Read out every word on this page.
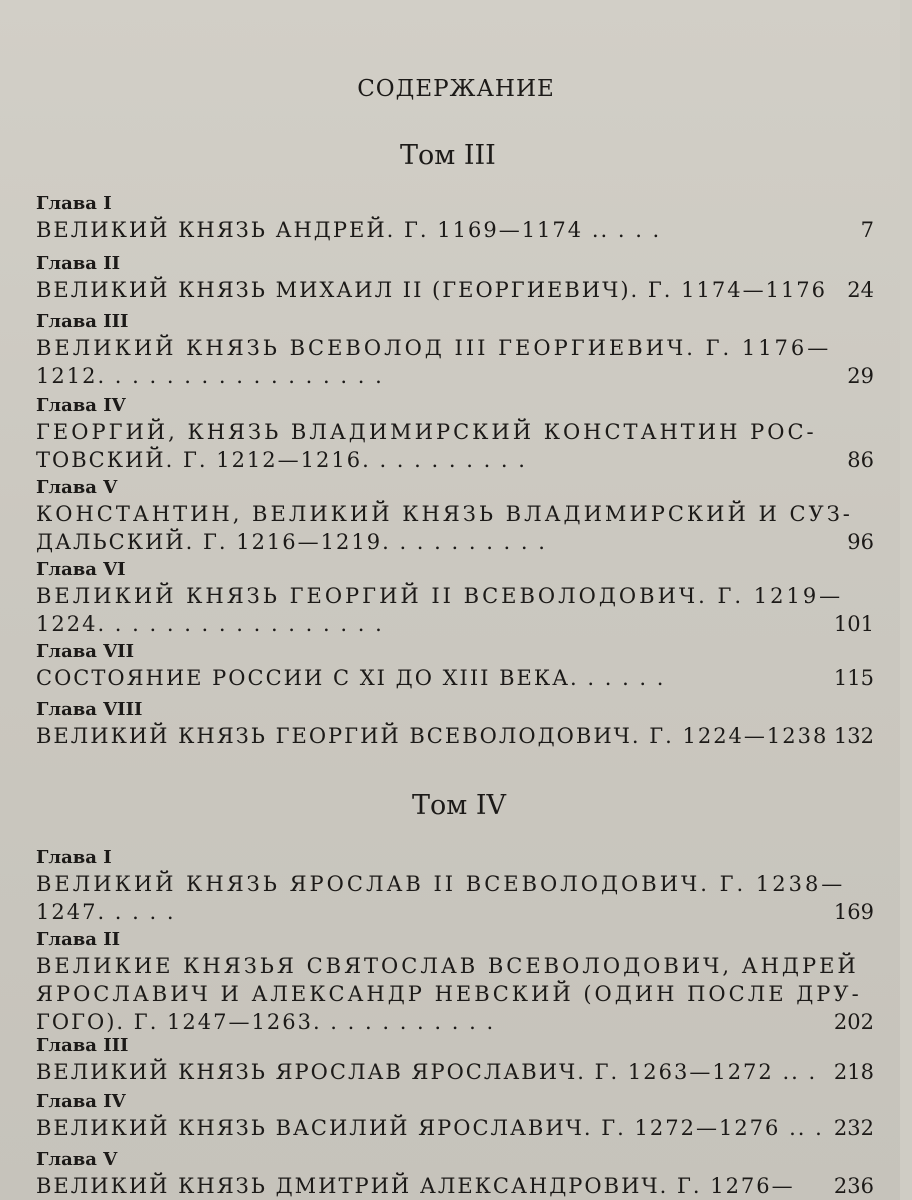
СОДЕРЖАНИЕ
Том III
Глава I
ВЕЛИКИЙ КНЯЗЬ АНДРЕЙ. Г. 1169—1174 .. . . .	7
Глава II
ВЕЛИКИЙ КНЯЗЬ МИХАИЛ II (ГЕОРГИЕВИЧ). Г. 1174—1176 24
Глава III
ВЕЛИКИЙ КНЯЗЬ ВСЕВОЛОД III ГЕОРГИЕВИЧ. Г. 1176—
1212. . . . . . . . . . . . . . . . .	29
Глава IV
ГЕОРГИЙ, КНЯЗЬ ВЛАДИМИРСКИЙ КОНСТАНТИН РОС-
ТОВСКИЙ. Г. 1212—1216. . . . . . . . . .	86
Глава V
КОНСТАНТИН, ВЕЛИКИЙ КНЯЗЬ ВЛАДИМИРСКИЙ И СУЗ-
ДАЛЬСКИЙ. Г. 1216—1219. . . . . . . . . .	96
Глава VI
ВЕЛИКИЙ КНЯЗЬ ГЕОРГИЙ II ВСЕВОЛОДОВИЧ. Г. 1219—
1224. . . . . . . . . . . . . . . . .	101
Глава VII
СОСТОЯНИЕ РОССИИ С XI ДО XIII ВЕКА. . . . . .	115
Глава VIII
ВЕЛИКИЙ КНЯЗЬ ГЕОРГИЙ ВСЕВОЛОДОВИЧ. Г. 1224—1238 132
Том IV
Глава I
ВЕЛИКИЙ КНЯЗЬ ЯРОСЛАВ II ВСЕВОЛОДОВИЧ. Г. 1238—
1247. . . . .	169
Глава II
ВЕЛИКИЕ КНЯЗЬЯ СВЯТОСЛАВ ВСЕВОЛОДОВИЧ, АНДРЕЙ
ЯРОСЛАВИЧ И АЛЕКСАНДР НЕВСКИЙ (ОДИН ПОСЛЕ ДРУ-
ГОГО). Г. 1247—1263. . . . . . . . . . .	202
Глава III
ВЕЛИКИЙ КНЯЗЬ ЯРОСЛАВ ЯРОСЛАВИЧ. Г. 1263—1272 .. . 218
Глава IV
ВЕЛИКИЙ КНЯЗЬ ВАСИЛИЙ ЯРОСЛАВИЧ. Г. 1272—1276 .. . 232
Глава V
ВЕЛИКИЙ КНЯЗЬ ДМИТРИЙ АЛЕКСАНДРОВИЧ. Г. 1276—	236
